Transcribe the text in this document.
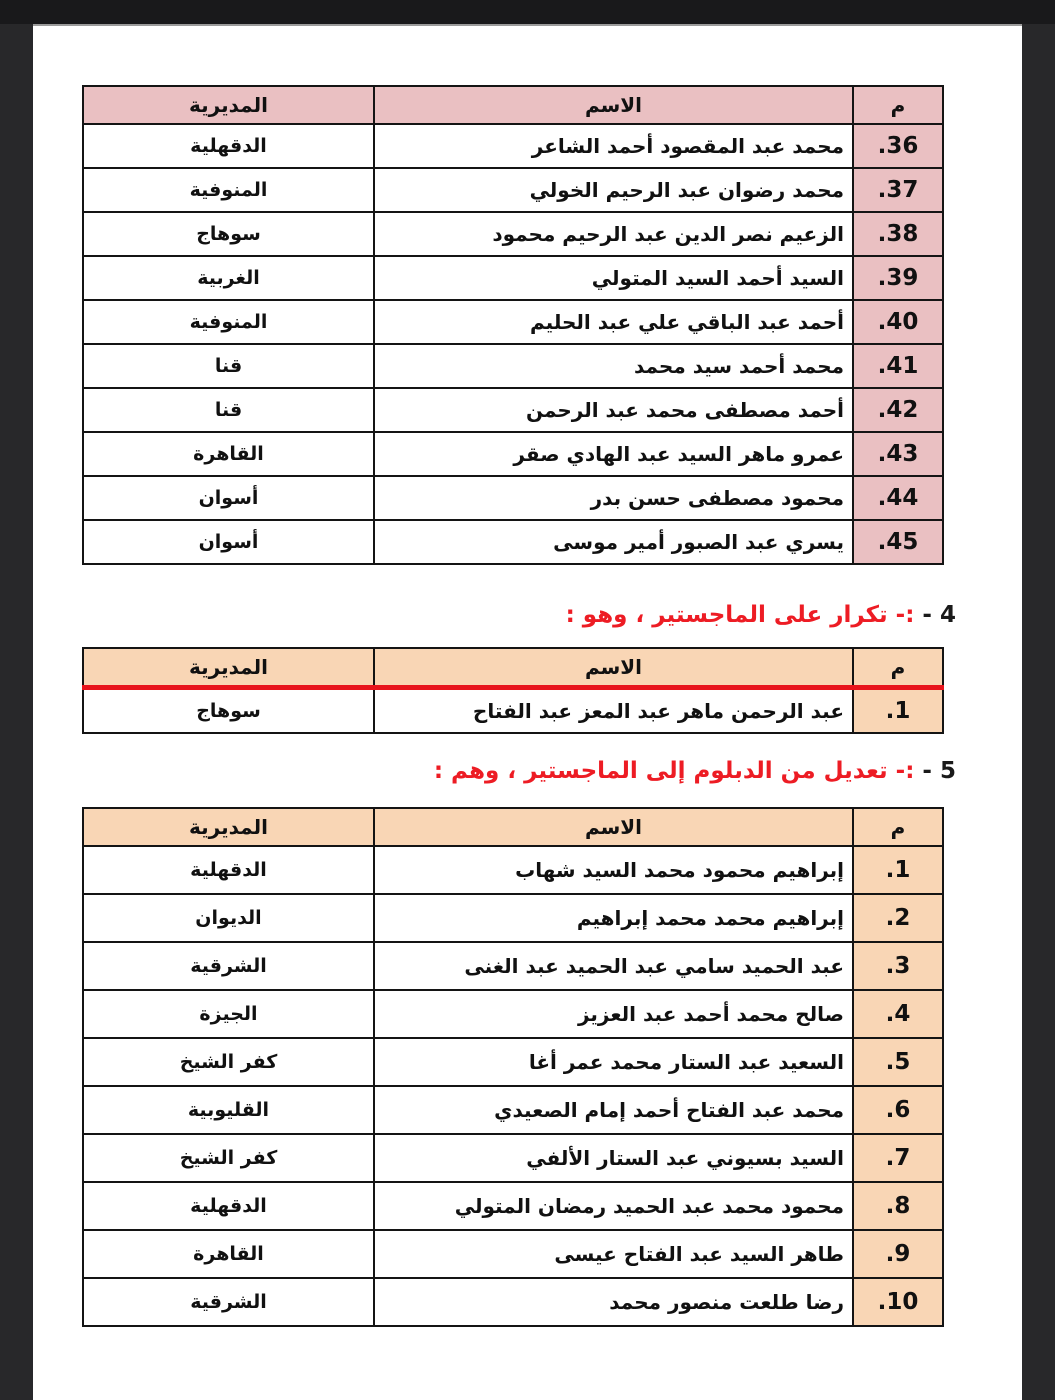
م	الاسم	المديرية
36.	محمد عبد المقصود أحمد الشاعر	الدقهلية
37.	محمد رضوان عبد الرحيم الخولي	المنوفية
38.	الزعيم نصر الدين عبد الرحيم محمود	سوهاج
39.	السيد أحمد السيد المتولي	الغربية
40.	أحمد عبد الباقي علي عبد الحليم	المنوفية
41.	محمد أحمد سيد محمد	قنا
42.	أحمد مصطفى محمد عبد الرحمن	قنا
43.	عمرو ماهر السيد عبد الهادي صقر	القاهرة
44.	محمود مصطفى حسن بدر	أسوان
45.	يسري عبد الصبور أمير موسى	أسوان

4 - :- تكرار على الماجستير ، وهو :

م	الاسم	المديرية
1.	عبد الرحمن ماهر عبد المعز عبد الفتاح	سوهاج

5 - :- تعديل من الدبلوم إلى الماجستير ، وهم :

م	الاسم	المديرية
1.	إبراهيم محمود محمد السيد شهاب	الدقهلية
2.	إبراهيم محمد محمد إبراهيم	الديوان
3.	عبد الحميد سامي عبد الحميد عبد الغنى	الشرقية
4.	صالح محمد أحمد عبد العزيز	الجيزة
5.	السعيد عبد الستار محمد عمر أغا	كفر الشيخ
6.	محمد عبد الفتاح أحمد إمام الصعيدي	القليوبية
7.	السيد بسيوني عبد الستار الألفي	كفر الشيخ
8.	محمود محمد عبد الحميد رمضان المتولي	الدقهلية
9.	طاهر السيد عبد الفتاح عيسى	القاهرة
10.	رضا طلعت منصور محمد	الشرقية
